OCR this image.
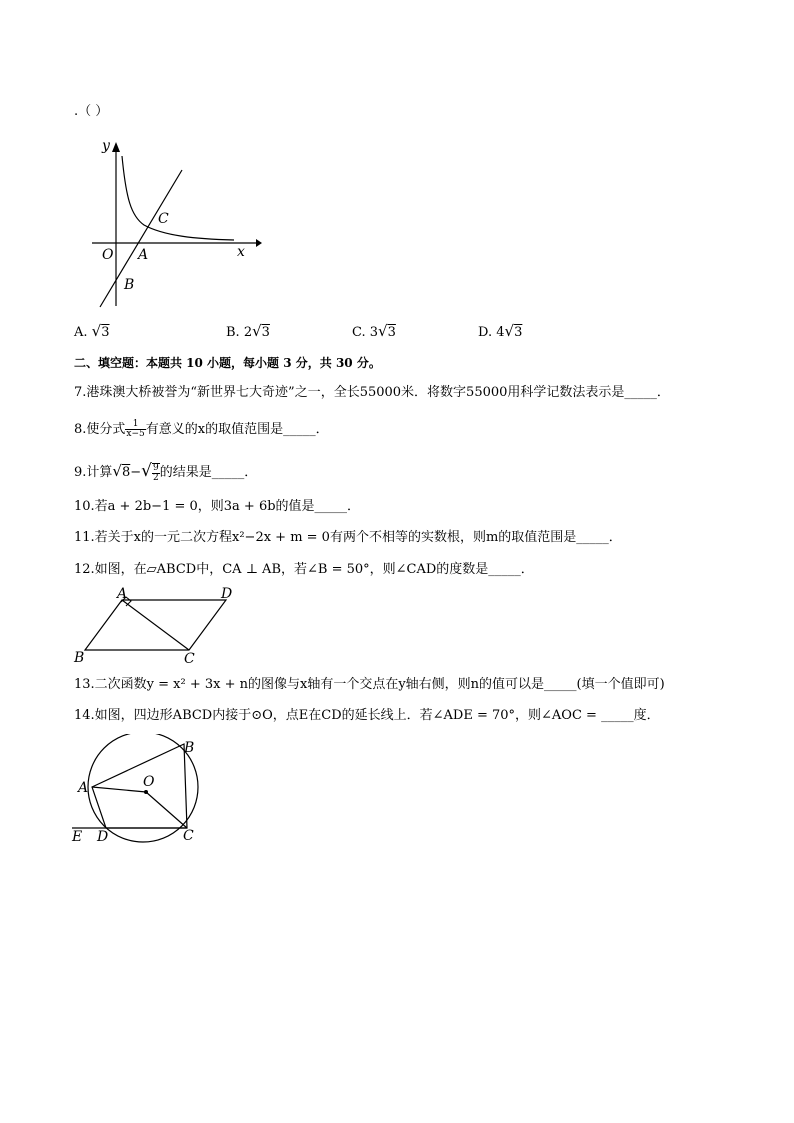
.（ ）
y
x
O A
B
C
A. √3	B. 2√3	C. 3√3	D. 4√3
二、填空题：本题共 10 小题，每小题 3 分，共 30 分。
7.港珠澳大桥被誉为“新世界七大奇迹”之一，全长55000米．将数字55000用科学记数法表示是_____．
8.使分式 $\frac{1}{x-5}$ 有意义的x的取值范围是_____．
9.计算$√8-√ \frac{9}{2}$ 的结果是_____．
10.若a + 2b−1 = 0，则3a + 6b的值是_____．
11.若关于x的一元二次方程x²−2x + m = 0有两个不相等的实数根，则m的取值范围是_____．
12.如图，在▱ABCD中，CA ⊥ AB，若∠B = 50°，则∠CAD的度数是_____．
A
B	C
D
13.二次函数y = x² + 3x + n的图像与x轴有一个交点在y轴右侧，则n的值可以是_____(填一个值即可)
14.如图，四边形ABCD内接于⊙O，点E在CD的延长线上．若∠ADE = 70°，则∠AOC = _____度．
A
B
C
D
E
O
